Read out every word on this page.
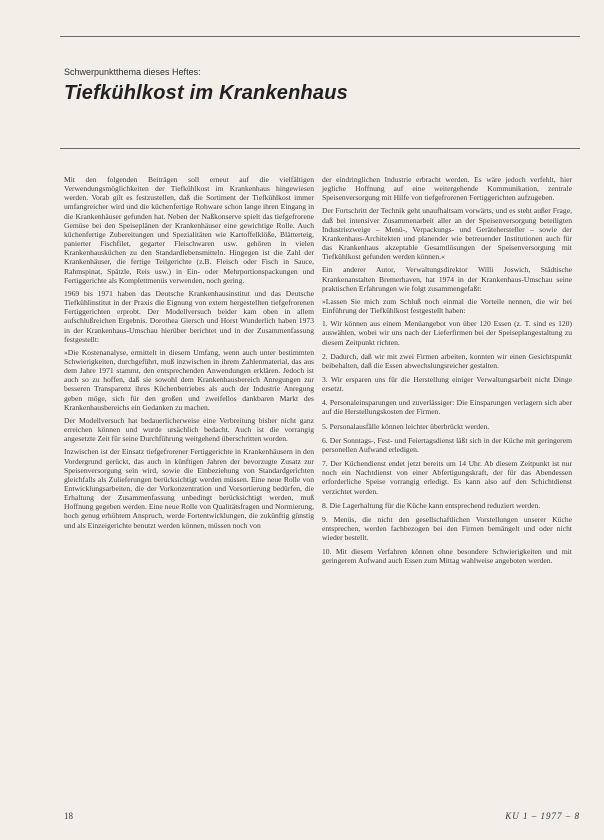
Schwerpunktthema dieses Heftes:
Tiefkühlkost im Krankenhaus

Mit den folgenden Beiträgen soll erneut auf die vielfältigen Verwendungsmöglichkeiten der Tiefkühlkost im Krankenhaus hingewiesen werden. Vorab gilt es festzustellen, daß die Sortiment der Tiefkühlkost immer umfangreicher wird und die küchenfertige Rohware schon lange ihren Eingang in die Krankenhäuser gefunden hat. Neben der Naßkonserve spielt das tiefgefrorene Gemüse bei den Speiseplänen der Krankenhäuser eine gewichtige Rolle. Auch küchenfertige Zubereitungen und Spezialitäten wie Kartoffelklöße, Blätterteig, panierter Fischfilet, gegarter Fleischwaren usw. gehören in vielen Krankenhausküchen zu den Standardlebensmitteln. Hingegen ist die Zahl der Krankenhäuser, die fertige Teilgerichte (z.B. Fleisch oder Fisch in Sauce, Rahmspinat, Spätzle, Reis usw.) in Ein- oder Mehrportionspackungen und Fertiggerichte als Komplettmenüs verwenden, noch gering.

1969 bis 1971 haben das Deutsche Krankenhausinstitut und das Deutsche Tiefkühlinstitut in der Praxis die Eignung von extern hergestellten tiefgefrorenen Fertiggerichten erprobt. Der Modellversuch beider kam oben in allem aufschlußreichen Ergebnis. Dorothea Giersch und Horst Wunderlich haben 1973 in der Krankenhaus-Umschau hierüber berichtet und in der Zusammenfassung festgestellt:

»Die Kostenanalyse, ermittelt in diesem Umfang, wenn auch unter bestimmten Schwierigkeiten, durchgeführt, muß inzwischen in ihrem Zahlenmaterial, das aus dem Jahre 1971 stammt, den entsprechenden Anwendungen erklären. Jedoch ist auch so zu hoffen, daß sie sowohl dem Krankenhausbereich Anregungen zur besseren Transparenz ihres Küchenbetriebes als auch der Industrie Anregung geben möge, sich für den großen und zweifellos dankbaren Markt des Krankenhausbereichs ein Gedanken zu machen.

Der Modellversuch hat bedauerlicherweise eine Verbreitung bisher nicht ganz erreichen können und wurde ursächlich bedacht. Auch ist die vorrangig angesetzte Zeit für seine Durchführung weitgehend überschritten worden.

Inzwischen ist der Einsatz tiefgefrorener Fertiggerichte in Krankenhäusern in den Vordergrund gerückt, das auch in künftigen Jahren der bevorzugte Zusatz zur Speisenversorgung sein wird, sowie die Einbeziehung von Standardgerichten gleichfalls als Zulieferungen berücksichtigt werden müssen. Eine neue Rolle von Entwicklungsarbeiten, die der Vorkonzentration und Vorsortierung bedürfen, die Erhaltung der Zusammenfassung unbedingt berücksichtigt werden, muß Hoffnung gegeben werden. Eine neue Rolle von Qualitätsfragen und Normierung, hoch genug erhöhtem Anspruch, werde Fortentwicklungen, die zukünftig günstig und als Einzeigerichte benutzt werden können, müssen noch von

der eindringlichen Industrie erbracht werden. Es wäre jedoch verfehlt, hier jegliche Hoffnung auf eine weitergehende Kommunikation, zentrale Speisenversorgung mit Hilfe von tiefgefrorenen Fertiggerichten aufzugeben.

Der Fortschritt der Technik geht unaufhaltsam vorwärts, und es steht außer Frage, daß bei intensiver Zusammenarbeit aller an der Speisenversorgung beteiligten Industriezweige – Menü-, Verpackungs- und Gerätehersteller – sowie der Krankenhaus-Architekten und planender wie betreuender Institutionen auch für das Krankenhaus akzeptable Gesamtlösungen der Speisenversorgung mit Tiefkühlkost gefunden werden können.«

Ein anderer Autor, Verwaltungsdirektor Willi Joswich, Städtische Krankenanstalten Bremerhaven, hat 1974 in der Krankenhaus-Umschau seine praktischen Erfahrungen wie folgt zusammengefaßt:

»Lassen Sie mich zum Schluß noch einmal die Vorteile nennen, die wir bei Einführung der Tiefkühlkost festgestellt haben:

1. Wir können aus einem Menüangebot von über 120 Essen (z. T. sind es 120) auswählen, wobei wir uns nach der Lieferfirmen bei der Speiseplangestaltung zu diesem Zeitpunkt richten.

2. Dadurch, daß wir mit zwei Firmen arbeiten, konnten wir einen Gesichtspunkt beibehalten, daß die Essen abwechslungsreicher gestalten.

3. Wir ersparen uns für die Herstellung einiger Verwaltungsarbeit nicht Dinge ersetzt.

4. Personaleinsparungen und zuverlässiger: Die Einsparungen verlagern sich aber auf die Herstellungskosten der Firmen.

5. Personalausfälle können leichter überbrückt werden.

6. Der Sonntags-, Fest- und Feiertagsdienst läßt sich in der Küche mit geringerem personellen Aufwand erledigen.

7. Der Küchendienst endet jetzt bereits um 14 Uhr. Ab diesem Zeitpunkt ist nur noch ein Nachtdienst von einer Abfertigungskraft, der für das Abendessen erforderliche Speise vorrangig erledigt. Es kann also auf den Schichtdienst verzichtet werden.

8. Die Lagerhaltung für die Küche kann entsprechend reduziert werden.

9. Menüs, die nicht den gesellschaftlichen Vorstellungen unserer Küche entsprechen, werden fachbezogen bei den Firmen bemängelt und oder nicht wieder bestellt.

10. Mit diesem Verfahren können ohne besondere Schwierigkeiten und mit geringerem Aufwand auch Essen zum Mittag wahlweise angeboten werden.

18	KU 1 – 1977 – 8
